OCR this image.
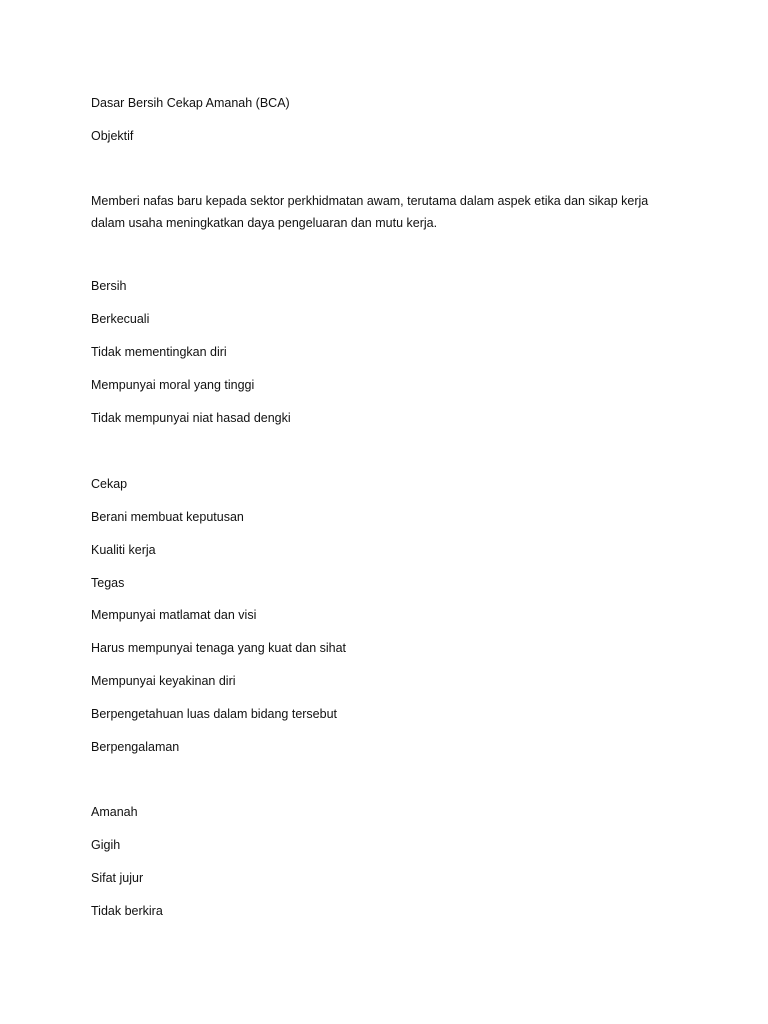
Dasar Bersih Cekap Amanah (BCA)
Objektif
Memberi nafas baru kepada sektor perkhidmatan awam, terutama dalam aspek etika dan sikap kerja dalam usaha meningkatkan daya pengeluaran dan mutu kerja.
Bersih
Berkecuali
Tidak mementingkan diri
Mempunyai moral yang tinggi
Tidak mempunyai niat hasad dengki
Cekap
Berani membuat keputusan
Kualiti kerja
Tegas
Mempunyai matlamat dan visi
Harus mempunyai tenaga yang kuat dan sihat
Mempunyai keyakinan diri
Berpengetahuan luas dalam bidang tersebut
Berpengalaman
Amanah
Gigih
Sifat jujur
Tidak berkira
